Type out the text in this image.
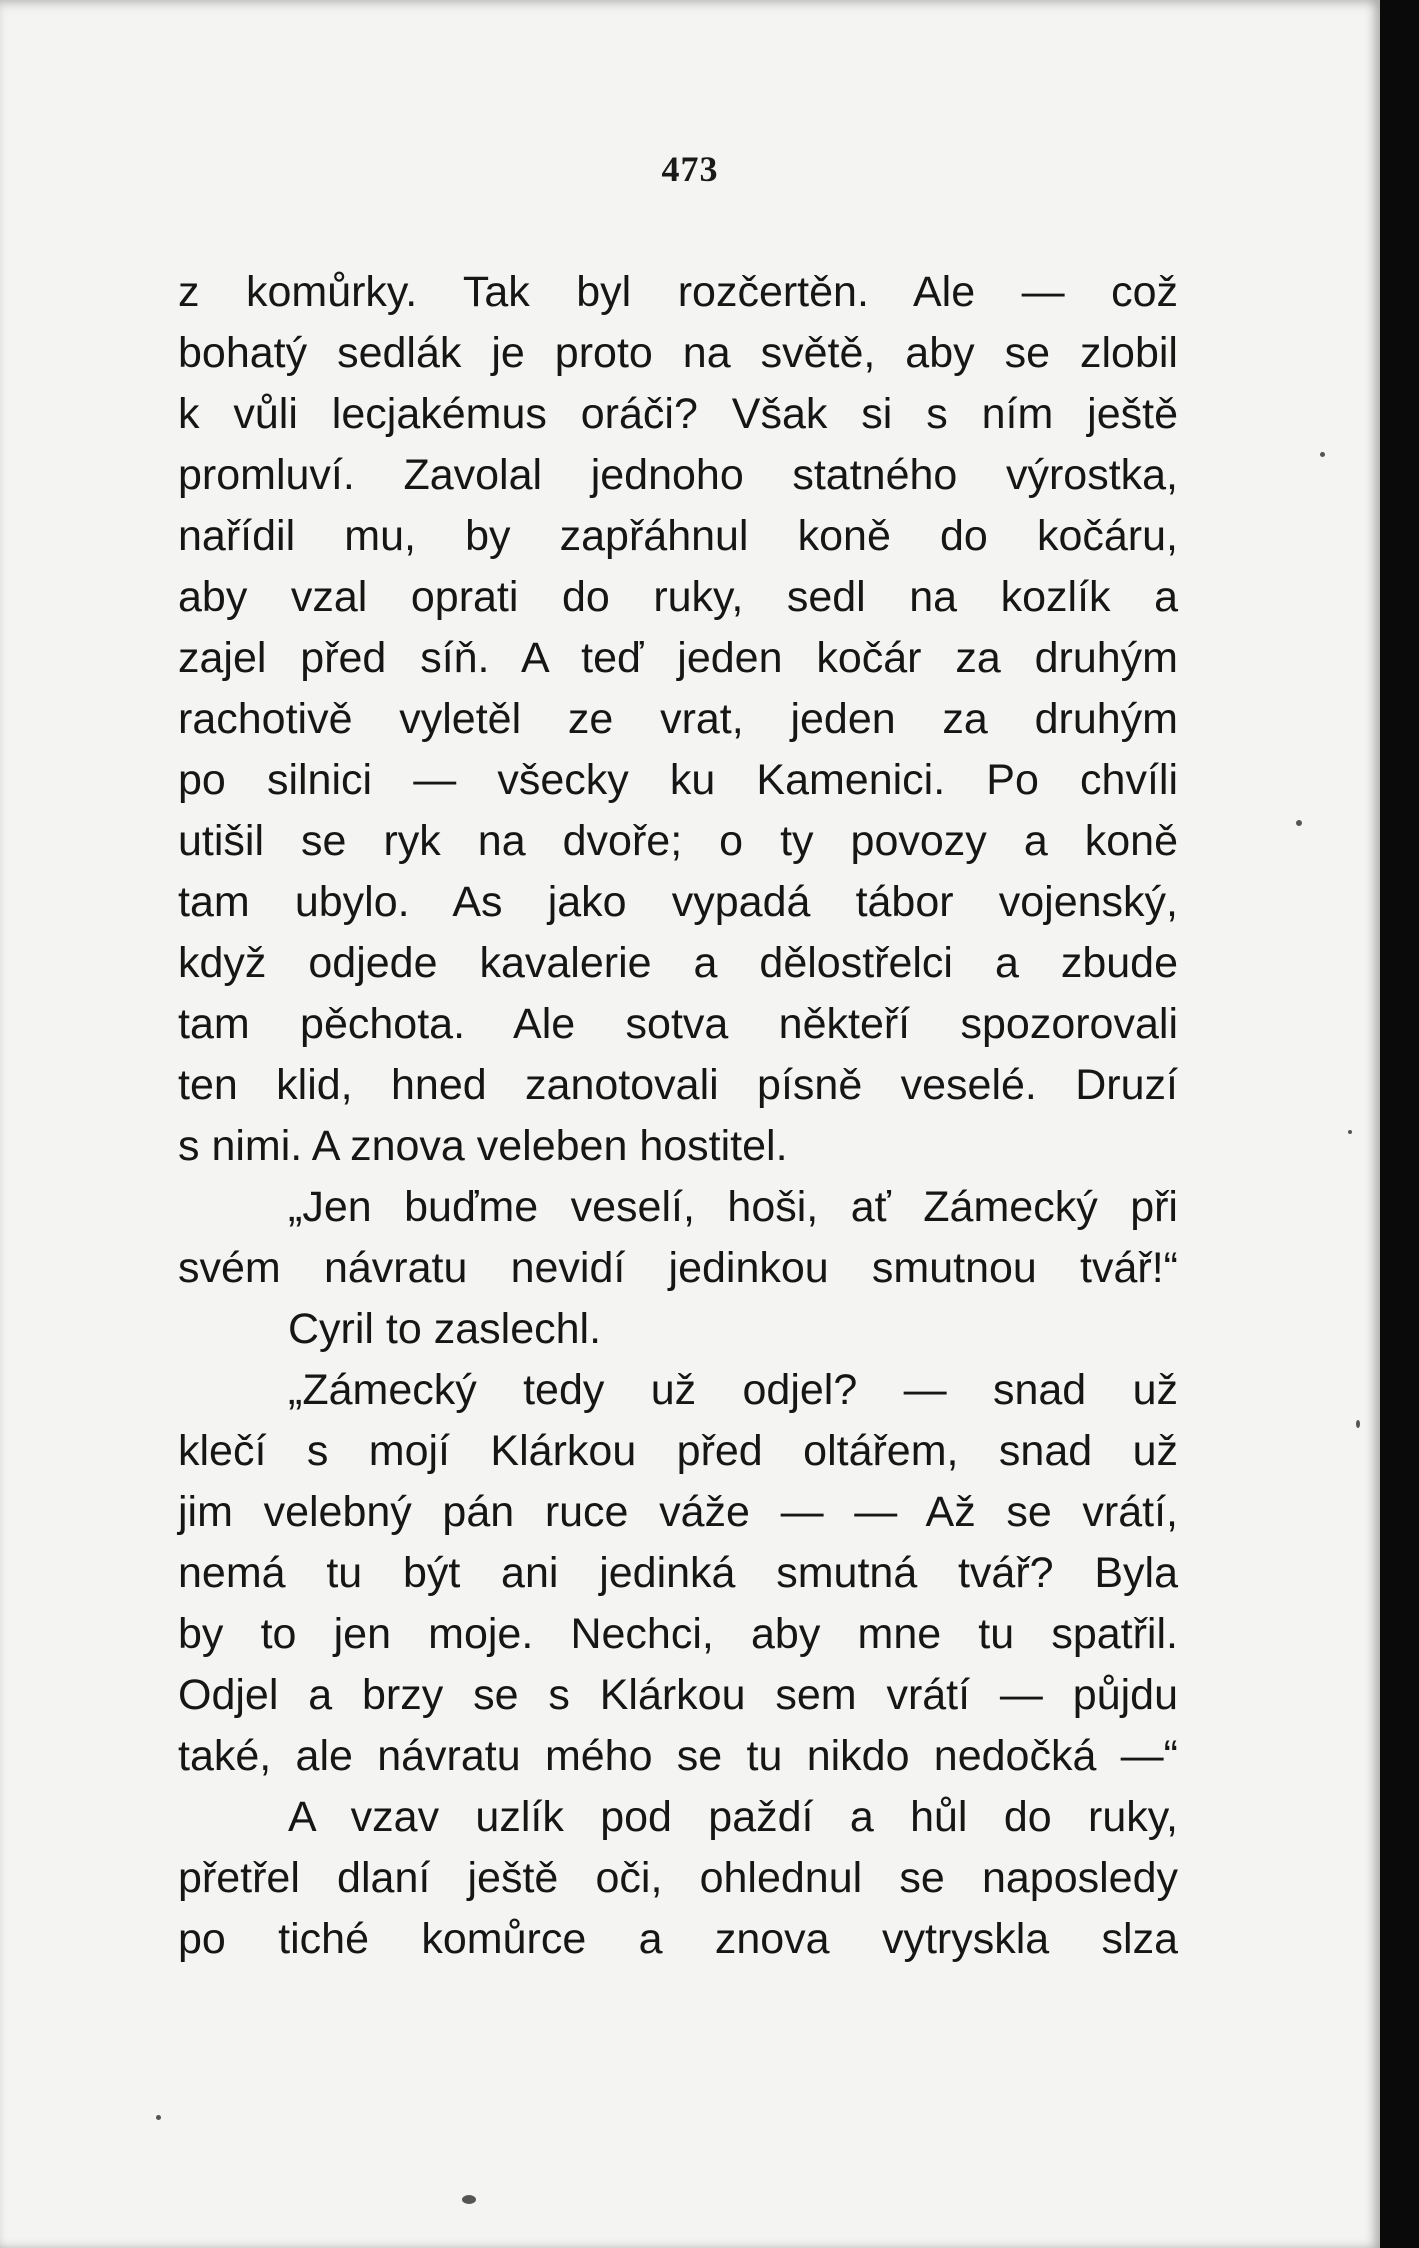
473
z komůrky. Tak byl rozčertěn. Ale — což
bohatý sedlák je proto na světě, aby se zlobil
k vůli lecjakémus oráči? Však si s ním ještě
promluví. Zavolal jednoho statného výrostka,
nařídil mu, by zapřáhnul koně do kočáru,
aby vzal oprati do ruky, sedl na kozlík a
zajel před síň. A teď jeden kočár za druhým
rachotivě vyletěl ze vrat, jeden za druhým
po silnici — všecky ku Kamenici. Po chvíli
utišil se ryk na dvoře; o ty povozy a koně
tam ubylo. As jako vypadá tábor vojenský,
když odjede kavalerie a dělostřelci a zbude
tam pěchota. Ale sotva někteří spozorovali
ten klid, hned zanotovali písně veselé. Druzí
s nimi. A znova veleben hostitel.
„Jen buďme veselí, hoši, ať Zámecký při
svém návratu nevidí jedinkou smutnou tvář!“
Cyril to zaslechl.
„Zámecký tedy už odjel? — snad už
klečí s mojí Klárkou před oltářem, snad už
jim velebný pán ruce váže — — Až se vrátí,
nemá tu být ani jedinká smutná tvář? Byla
by to jen moje. Nechci, aby mne tu spatřil.
Odjel a brzy se s Klárkou sem vrátí — půjdu
také, ale návratu mého se tu nikdo nedočká —“
A vzav uzlík pod paždí a hůl do ruky,
přetřel dlaní ještě oči, ohlednul se naposledy
po tiché komůrce a znova vytryskla slza
